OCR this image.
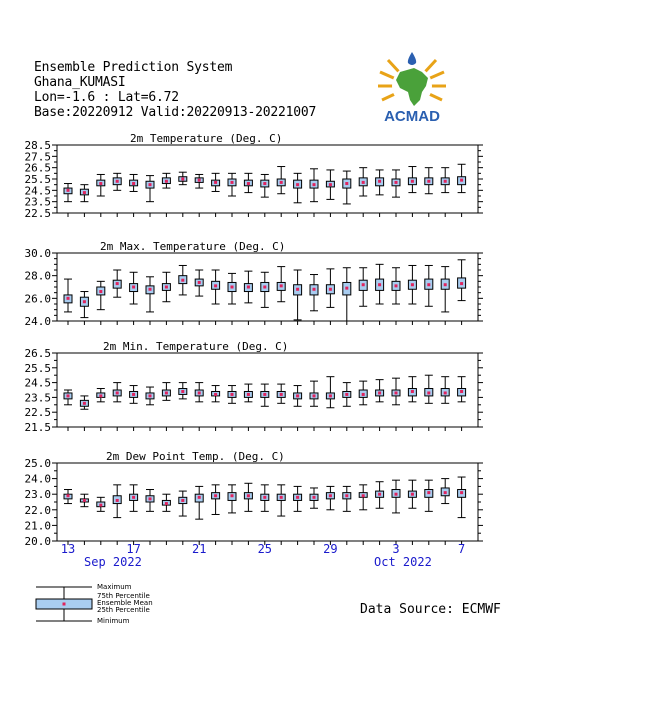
Ensemble Prediction System
Ghana_KUMASI
Lon=-1.6 : Lat=6.72
Base:20220912 Valid:20220913-20221007	ACMAD
2m Temperature (Deg. C)
22.5
23.5
24.5
25.5
26.5
27.5
28.5
2m Max. Temperature (Deg. C)
24.0
26.0
28.0
30.0
2m Min. Temperature (Deg. C)
21.5
22.5
23.5
24.5
25.5
26.5
2m Dew Point Temp. (Deg. C)
20.0
21.0
22.0
23.0
24.0
25.0
13	17	21	25	29	3	7
Sep 2022	Oct 2022
Maximum
75th Percentile
Ensemble Mean
25th Percentile
Minimum
Data Source: ECMWF
